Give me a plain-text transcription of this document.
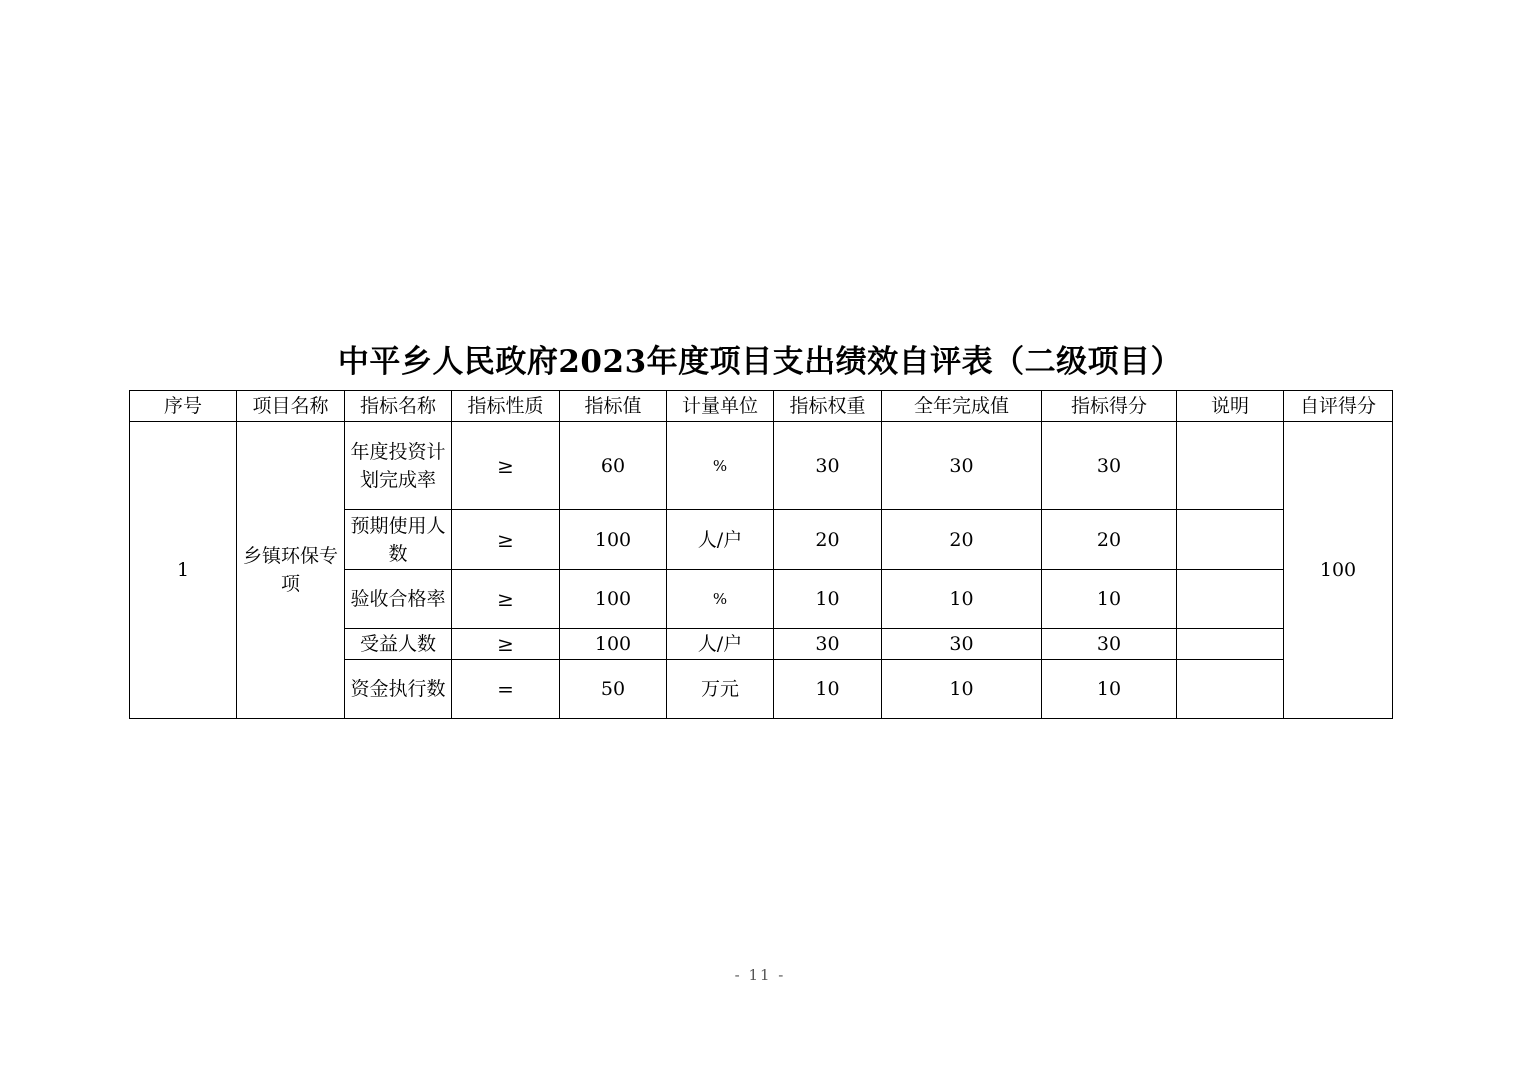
中平乡人民政府2023年度项目支出绩效自评表（二级项目）
序号	项目名称	指标名称	指标性质	指标值	计量单位	指标权重	全年完成值	指标得分	说明	自评得分
1	乡镇环保专项	年度投资计划完成率	≥	60	%	30	30	30		100
		预期使用人数	≥	100	人/户	20	20	20		
		验收合格率	≥	100	%	10	10	10		
		受益人数	≥	100	人/户	30	30	30		
		资金执行数	=	50	万元	10	10	10		
- 11 -
